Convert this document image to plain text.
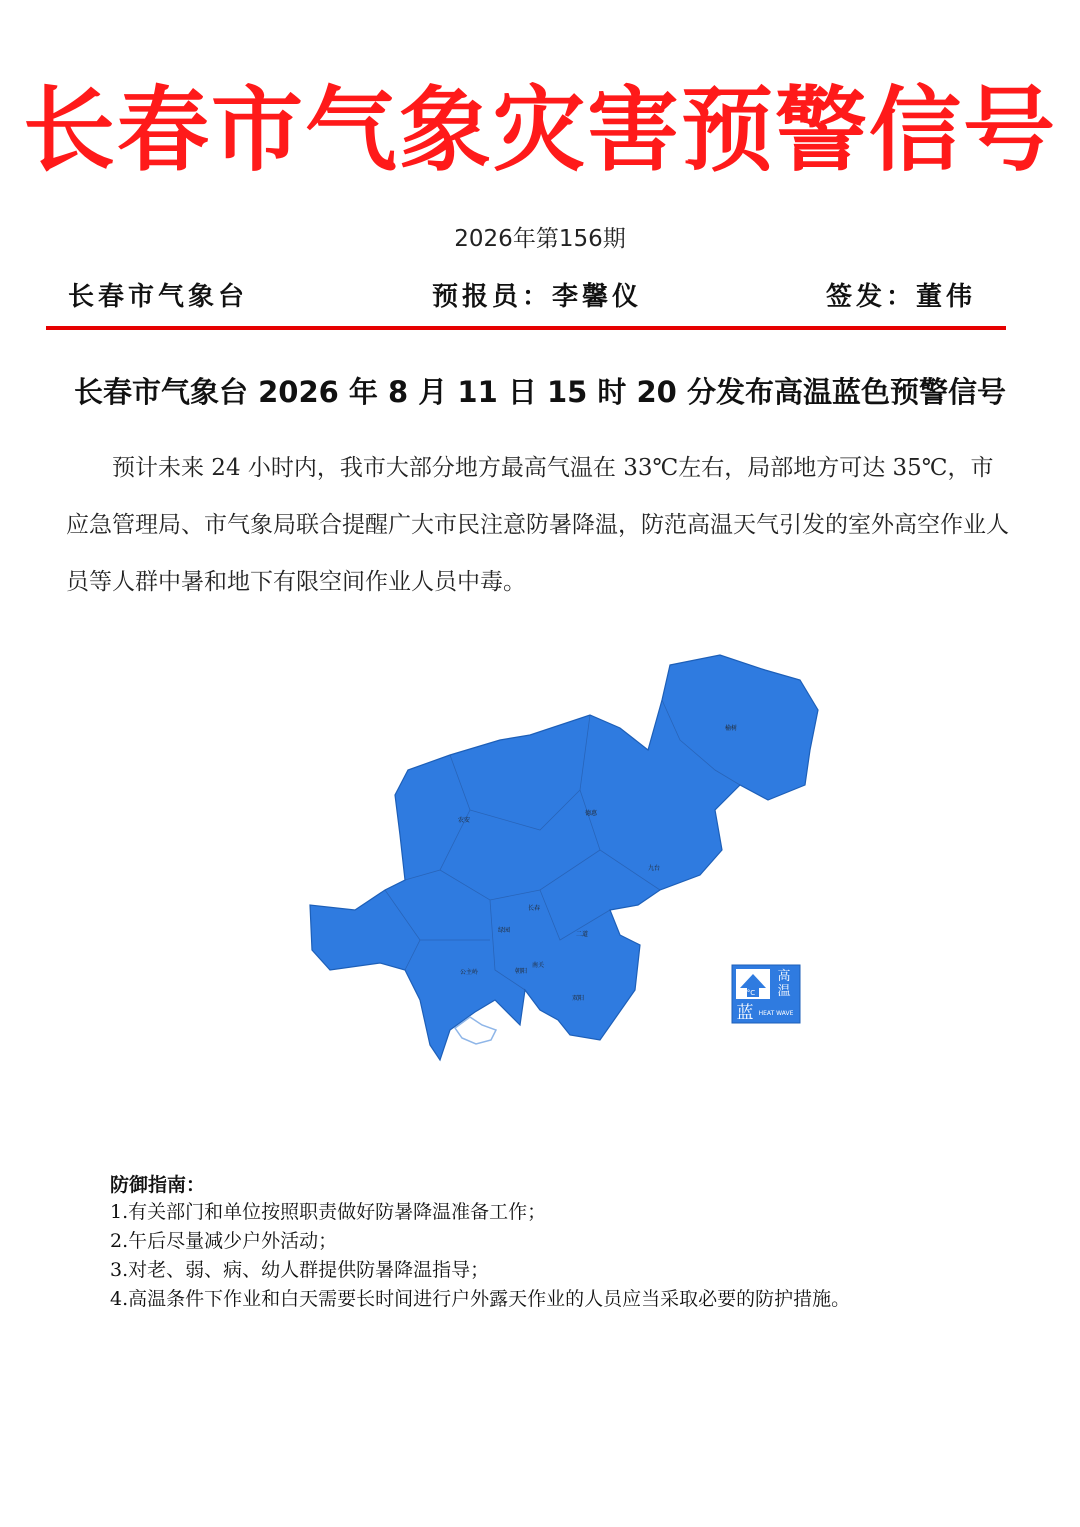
长春市气象灾害预警信号
2026年第156期
长春市气象台	预报员：李馨仪	签发：董伟
长春市气象台 2026 年 8 月 11 日 15 时 20 分发布高温蓝色预警信号
预计未来 24 小时内，我市大部分地方最高气温在 33℃左右，局部地方可达 35℃，市应急管理局、市气象局联合提醒广大市民注意防暑降温，防范高温天气引发的室外高空作业人员等人群中暑和地下有限空间作业人员中毒。
榆树
德惠
农安
九台
长春
二道
双阳
公主岭
绿园
朝阳
南关
°C
高
温
蓝 HEAT WAVE
防御指南：
1.有关部门和单位按照职责做好防暑降温准备工作；
2.午后尽量减少户外活动；
3.对老、弱、病、幼人群提供防暑降温指导；
4.高温条件下作业和白天需要长时间进行户外露天作业的人员应当采取必要的防护措施。
